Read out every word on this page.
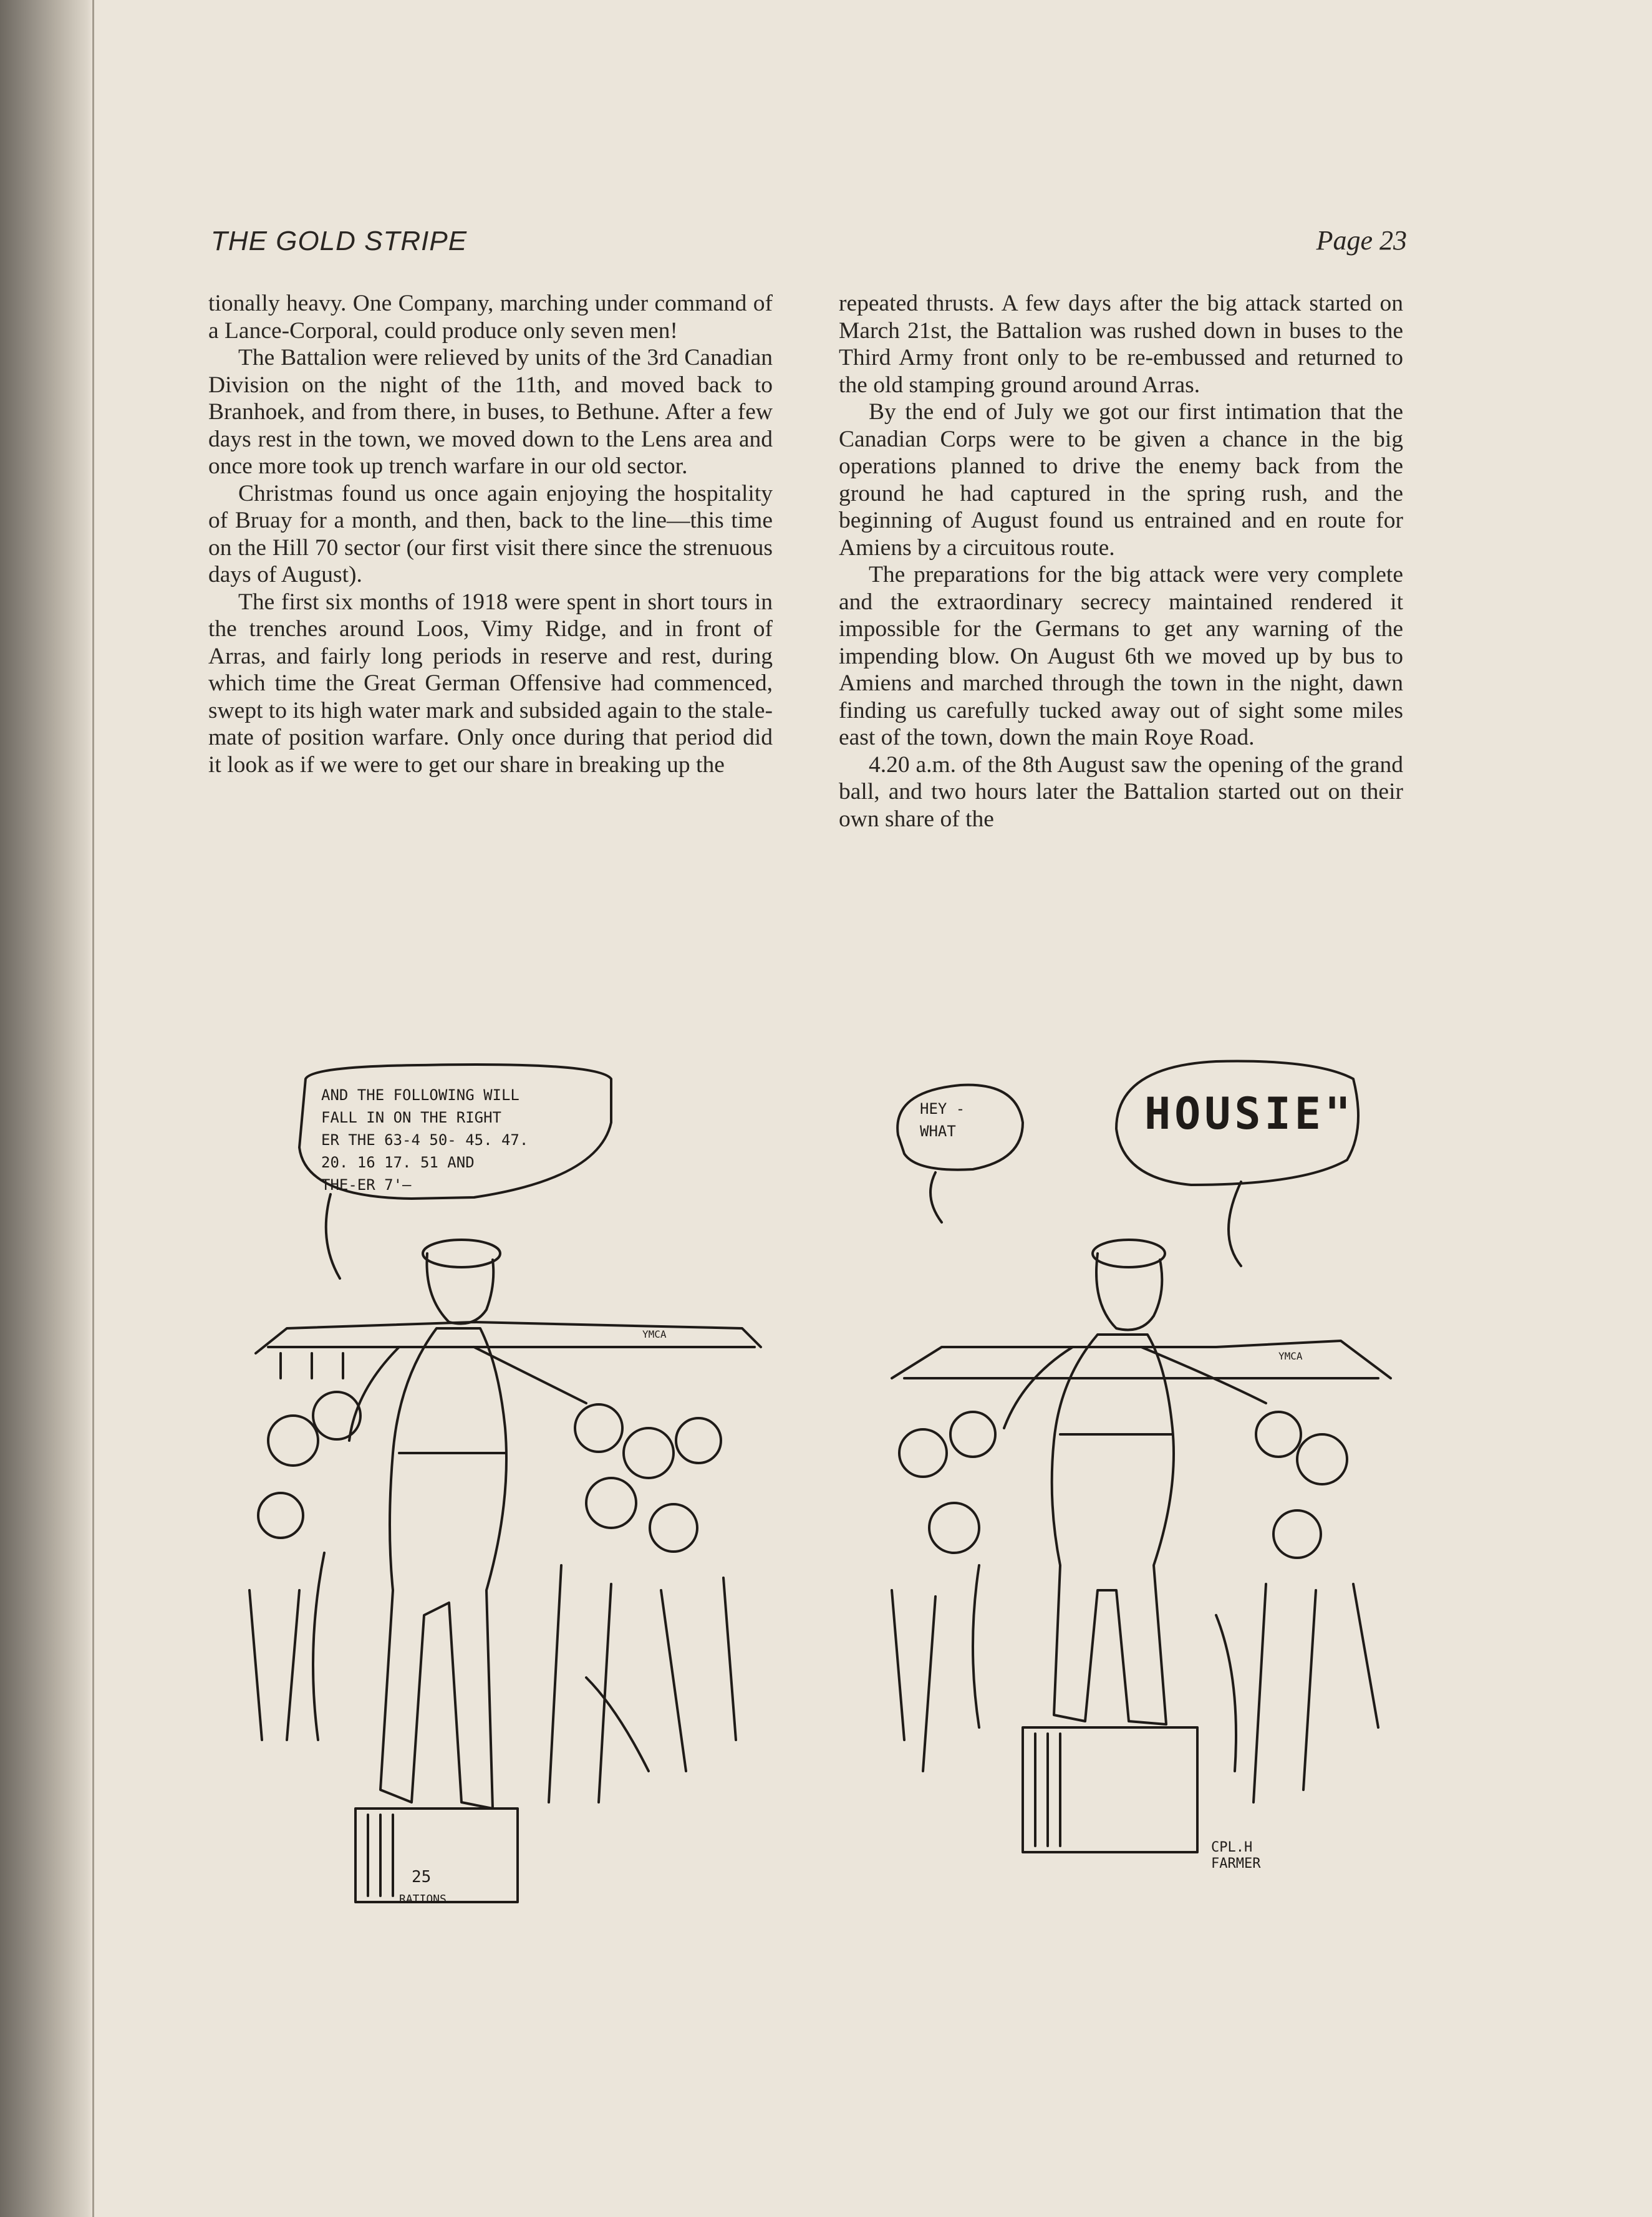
THE GOLD STRIPE	Page 23

tionally heavy. One Company, marching under command of a Lance-Corporal, could produce only seven men!

The Battalion were relieved by units of the 3rd Canadian Division on the night of the 11th, and moved back to Branhoek, and from there, in buses, to Bethune. After a few days rest in the town, we moved down to the Lens area and once more took up trench warfare in our old sector.

Christmas found us once again enjoying the hospitality of Bruay for a month, and then, back to the line—this time on the Hill 70 sector (our first visit there since the strenuous days of August).

The first six months of 1918 were spent in short tours in the trenches around Loos, Vimy Ridge, and in front of Arras, and fairly long periods in reserve and rest, during which time the Great German Offensive had commenced, swept to its high water mark and subsided again to the stale-mate of position warfare. Only once during that period did it look as if we were to get our share in breaking up the

repeated thrusts. A few days after the big attack started on March 21st, the Battalion was rushed down in buses to the Third Army front only to be re-embussed and returned to the old stamping ground around Arras.

By the end of July we got our first intimation that the Canadian Corps were to be given a chance in the big operations planned to drive the enemy back from the ground he had captured in the spring rush, and the beginning of August found us entrained and en route for Amiens by a circuitous route.

The preparations for the big attack were very complete and the extraordinary secrecy maintained rendered it impossible for the Germans to get any warning of the impending blow. On August 6th we moved up by bus to Amiens and marched through the town in the night, dawn finding us carefully tucked away out of sight some miles east of the town, down the main Roye Road.

4.20 a.m. of the 8th August saw the opening of the grand ball, and two hours later the Battalion started out on their own share of the

AND THE FOLLOWING WILL
FALL IN ON THE RIGHT
ER THE 63-4 50- 45. 47.
20. 16 17. 51 AND
THE-ER 7'—
YMCA
25
RATIONS
HEY -
WHAT	HOUSIE"
YMCA
CPL.H
FARMER
